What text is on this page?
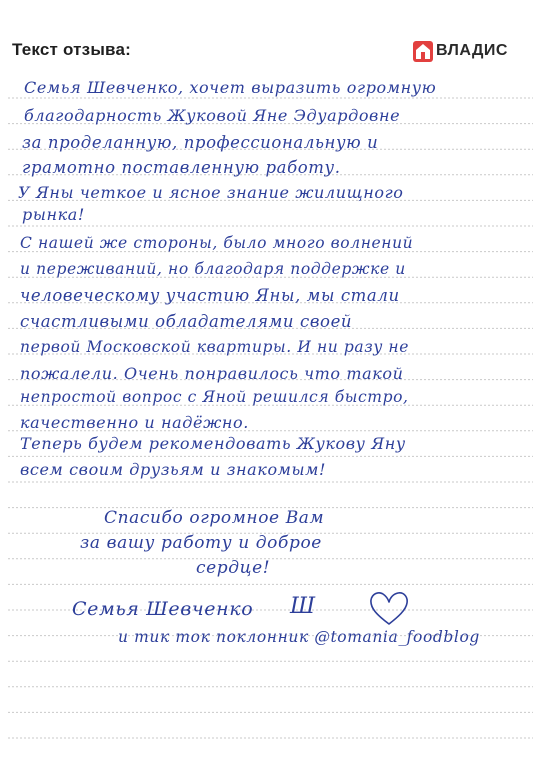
Текст отзыва:	ВЛАДИС
Семья Шевченко, хочет выразить огромную
благодарность Жуковой Яне Эдуардовне
за проделанную, профессиональную и
грамотно поставленную работу.
У Яны четкое и ясное знание жилищного
рынка!
С нашей же стороны, было много волнений
и переживаний, но благодаря поддержке и
человеческому участию Яны, мы стали
счастливыми обладателями своей
первой Московской квартиры. И ни разу не
пожалели. Очень понравилось что такой
непростой вопрос с Яной решился быстро,
качественно и надёжно.
Теперь будем рекомендовать Жукову Яну
всем своим друзьям и знакомым!
Спасибо огромное Вам
за вашу работу и доброе
сердце!
Семья Шевченко Ш
и тик ток поклонник @tomania_foodblog
